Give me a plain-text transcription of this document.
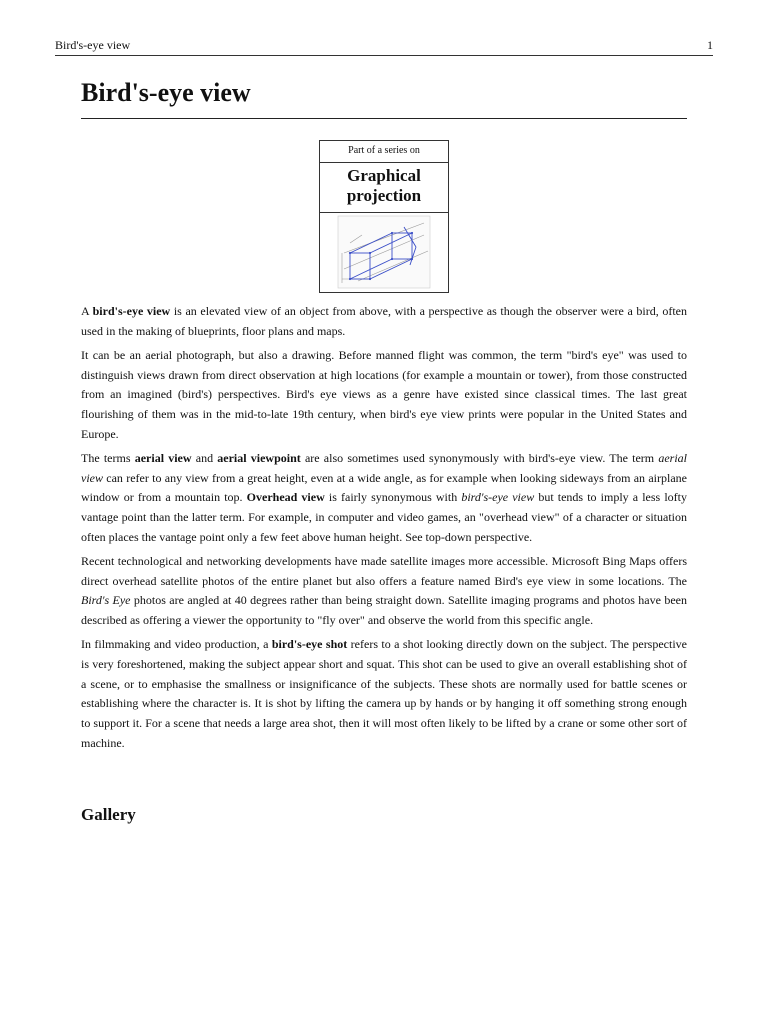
Bird's-eye view	1
Bird's-eye view
Part of a series on
Graphical projection

A bird's-eye view is an elevated view of an object from above, with a perspective as though the observer were a bird, often used in the making of blueprints, floor plans and maps.

It can be an aerial photograph, but also a drawing. Before manned flight was common, the term "bird's eye" was used to distinguish views drawn from direct observation at high locations (for example a mountain or tower), from those constructed from an imagined (bird's) perspectives. Bird's eye views as a genre have existed since classical times. The last great flourishing of them was in the mid-to-late 19th century, when bird's eye view prints were popular in the United States and Europe.

The terms aerial view and aerial viewpoint are also sometimes used synonymously with bird's-eye view. The term aerial view can refer to any view from a great height, even at a wide angle, as for example when looking sideways from an airplane window or from a mountain top. Overhead view is fairly synonymous with bird's-eye view but tends to imply a less lofty vantage point than the latter term. For example, in computer and video games, an "overhead view" of a character or situation often places the vantage point only a few feet above human height. See top-down perspective.

Recent technological and networking developments have made satellite images more accessible. Microsoft Bing Maps offers direct overhead satellite photos of the entire planet but also offers a feature named Bird's eye view in some locations. The Bird's Eye photos are angled at 40 degrees rather than being straight down. Satellite imaging programs and photos have been described as offering a viewer the opportunity to "fly over" and observe the world from this specific angle.

In filmmaking and video production, a bird's-eye shot refers to a shot looking directly down on the subject. The perspective is very foreshortened, making the subject appear short and squat. This shot can be used to give an overall establishing shot of a scene, or to emphasise the smallness or insignificance of the subjects. These shots are normally used for battle scenes or establishing where the character is. It is shot by lifting the camera up by hands or by hanging it off something strong enough to support it. For a scene that needs a large area shot, then it will most often likely to be lifted by a crane or some other sort of machine.

Gallery
